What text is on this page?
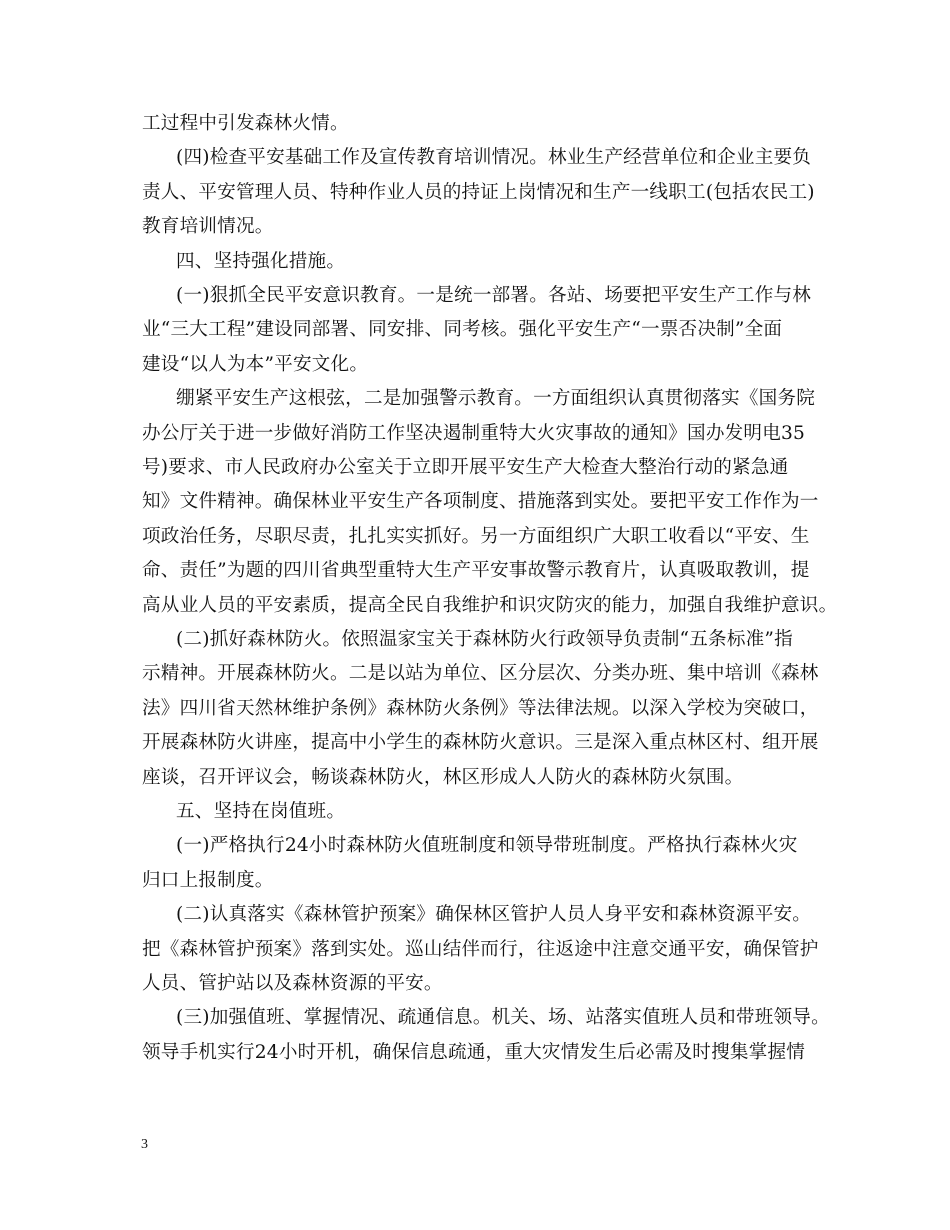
工过程中引发森林火情。
(四)检查平安基础工作及宣传教育培训情况。林业生产经营单位和企业主要负
责人、平安管理人员、特种作业人员的持证上岗情况和生产一线职工(包括农民工)
教育培训情况。
四、坚持强化措施。
(一)狠抓全民平安意识教育。一是统一部署。各站、场要把平安生产工作与林
业“三大工程”建设同部署、同安排、同考核。强化平安生产“一票否决制”全面
建设“以人为本”平安文化。
绷紧平安生产这根弦，二是加强警示教育。一方面组织认真贯彻落实《国务院
办公厅关于进一步做好消防工作坚决遏制重特大火灾事故的通知》国办发明电35
号)要求、市人民政府办公室关于立即开展平安生产大检查大整治行动的紧急通
知》文件精神。确保林业平安生产各项制度、措施落到实处。要把平安工作作为一
项政治任务，尽职尽责，扎扎实实抓好。另一方面组织广大职工收看以“平安、生
命、责任”为题的四川省典型重特大生产平安事故警示教育片，认真吸取教训，提
高从业人员的平安素质，提高全民自我维护和识灾防灾的能力，加强自我维护意识。
(二)抓好森林防火。依照温家宝关于森林防火行政领导负责制“五条标准”指
示精神。开展森林防火。二是以站为单位、区分层次、分类办班、集中培训《森林
法》四川省天然林维护条例》森林防火条例》等法律法规。以深入学校为突破口，
开展森林防火讲座，提高中小学生的森林防火意识。三是深入重点林区村、组开展
座谈，召开评议会，畅谈森林防火，林区形成人人防火的森林防火氛围。
五、坚持在岗值班。
(一)严格执行24小时森林防火值班制度和领导带班制度。严格执行森林火灾
归口上报制度。
(二)认真落实《森林管护预案》确保林区管护人员人身平安和森林资源平安。
把《森林管护预案》落到实处。巡山结伴而行，往返途中注意交通平安，确保管护
人员、管护站以及森林资源的平安。
(三)加强值班、掌握情况、疏通信息。机关、场、站落实值班人员和带班领导。
领导手机实行24小时开机，确保信息疏通，重大灾情发生后必需及时搜集掌握情
3
